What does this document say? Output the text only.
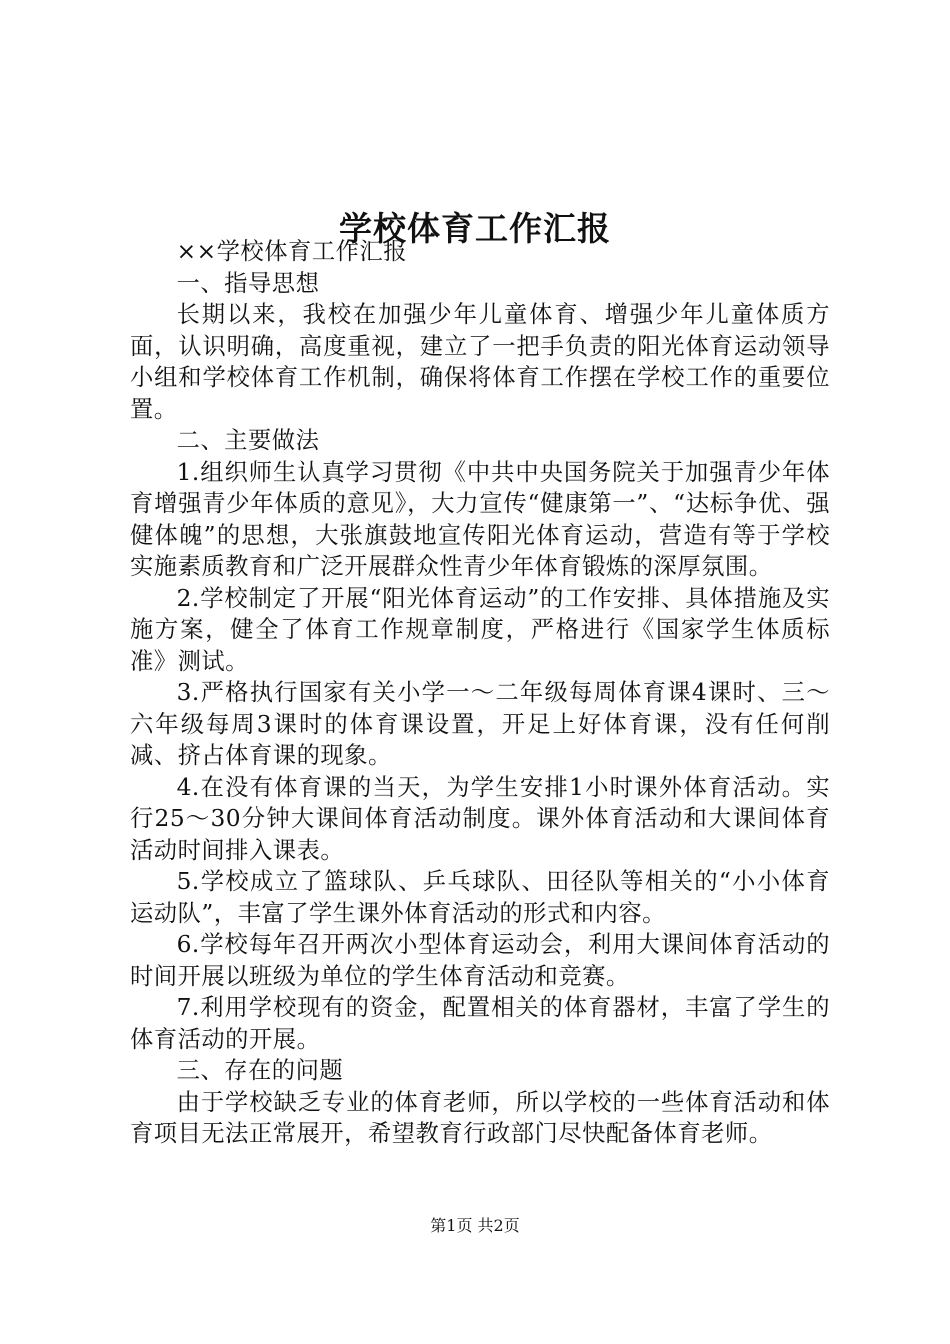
学校体育工作汇报

××学校体育工作汇报

一、指导思想

长期以来，我校在加强少年儿童体育、增强少年儿童体质方面，认识明确，高度重视，建立了一把手负责的阳光体育运动领导小组和学校体育工作机制，确保将体育工作摆在学校工作的重要位置。

二、主要做法

1.组织师生认真学习贯彻《中共中央国务院关于加强青少年体育增强青少年体质的意见》，大力宣传“健康第一”、“达标争优、强健体魄”的思想，大张旗鼓地宣传阳光体育运动，营造有等于学校实施素质教育和广泛开展群众性青少年体育锻炼的深厚氛围。

2.学校制定了开展“阳光体育运动”的工作安排、具体措施及实施方案，健全了体育工作规章制度，严格进行《国家学生体质标准》测试。

3.严格执行国家有关小学一～二年级每周体育课4课时、三～六年级每周3课时的体育课设置，开足上好体育课，没有任何削减、挤占体育课的现象。

4.在没有体育课的当天，为学生安排1小时课外体育活动。实行25～30分钟大课间体育活动制度。课外体育活动和大课间体育活动时间排入课表。

5.学校成立了篮球队、乒乓球队、田径队等相关的“小小体育运动队”，丰富了学生课外体育活动的形式和内容。

6.学校每年召开两次小型体育运动会，利用大课间体育活动的时间开展以班级为单位的学生体育活动和竞赛。

7.利用学校现有的资金，配置相关的体育器材，丰富了学生的体育活动的开展。

三、存在的问题

由于学校缺乏专业的体育老师，所以学校的一些体育活动和体育项目无法正常展开，希望教育行政部门尽快配备体育老师。

第1页 共2页
